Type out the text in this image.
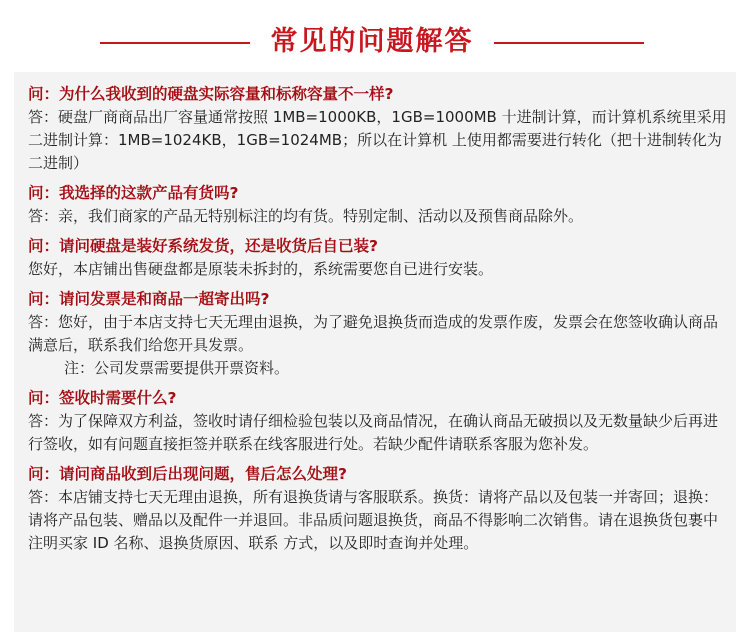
常见的问题解答
问：为什么我收到的硬盘实际容量和标称容量不一样?
答：硬盘厂商商品出厂容量通常按照 1MB=1000KB，1GB=1000MB 十进制计算，而计算机系统里采用二进制计算：1MB=1024KB，1GB=1024MB；所以在计算机 上使用都需要进行转化（把十进制转化为二进制）
问：我选择的这款产品有货吗?
答：亲，我们商家的产品无特别标注的均有货。特别定制、活动以及预售商品除外。
问：请问硬盘是装好系统发货，还是收货后自已装?
您好，本店铺出售硬盘都是原装未拆封的，系统需要您自已进行安装。
问：请问发票是和商品一超寄出吗?
答：您好，由于本店支持七天无理由退换，为了避免退换货而造成的发票作废，发票会在您签收确认商品满意后，联系我们给您开具发票。
注：公司发票需要提供开票资料。
问：签收时需要什么?
答：为了保障双方利益，签收时请仔细检验包装以及商品情况，在确认商品无破损以及无数量缺少后再进行签收，如有问题直接拒签并联系在线客服进行处。若缺少配件请联系客服为您补发。
问：请问商品收到后出现问题，售后怎么处理?
答：本店铺支持七天无理由退换，所有退换货请与客服联系。换货：请将产品以及包装一并寄回；退换：请将产品包装、赠品以及配件一并退回。非品质问题退换货，商品不得影响二次销售。请在退换货包裹中注明买家 ID 名称、退换货原因、联系 方式，以及即时查询并处理。
